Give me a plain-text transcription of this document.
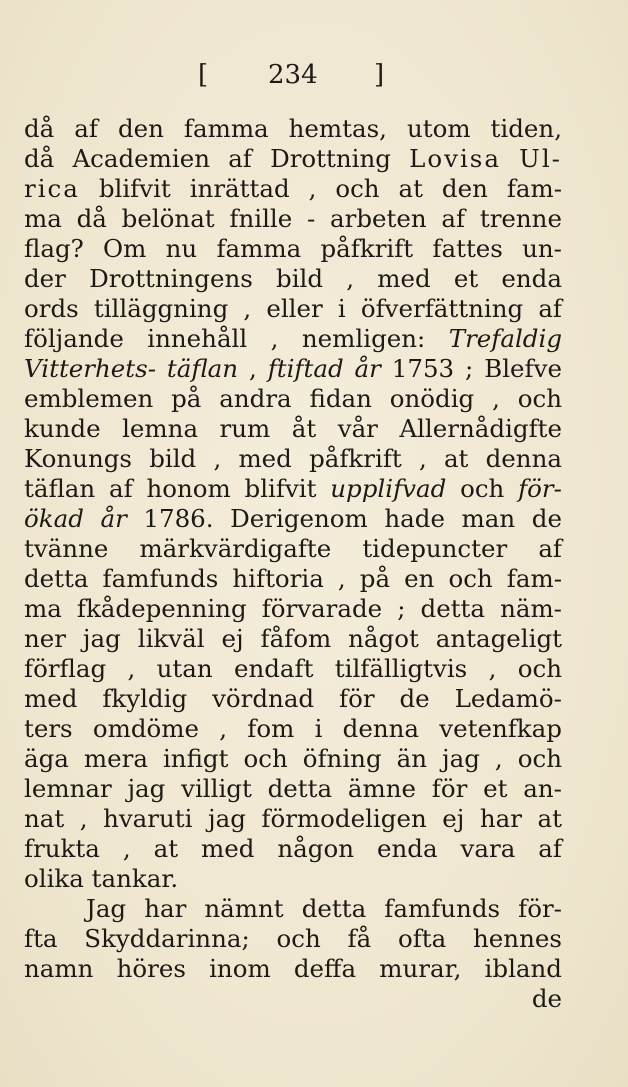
[ 234 ]
då af den famma hemtas, utom tiden,
då Academien af Drottning Lovisa Ul-
rica blifvit inrättad , och at den fam-
ma då belönat fnille - arbeten af trenne
flag? Om nu famma påfkrift fattes un-
der Drottningens bild , med et enda
ords tilläggning , eller i öfverfättning af
följande innehåll , nemligen: Trefaldig
Vitterhets- täflan , ftiftad år 1753 ; Blefve
emblemen på andra fidan onödig , och
kunde lemna rum åt vår Allernådigfte
Konungs bild , med påfkrift , at denna
täflan af honom blifvit upplifvad och för-
ökad år 1786. Derigenom hade man de
tvänne märkvärdigafte tidepuncter af
detta famfunds hiftoria , på en och fam-
ma fkådepenning förvarade ; detta näm-
ner jag likväl ej fåfom något antageligt
förflag , utan endaft tilfälligtvis , och
med fkyldig vördnad för de Ledamö-
ters omdöme , fom i denna vetenfkap
äga mera infigt och öfning än jag , och
lemnar jag villigt detta ämne för et an-
nat , hvaruti jag förmodeligen ej har at
frukta , at med någon enda vara af
olika
tankar.
Jag har nämnt detta famfunds för-
fta Skyddarinna; och få ofta hennes
namn höres inom deffa murar, ibland
de
